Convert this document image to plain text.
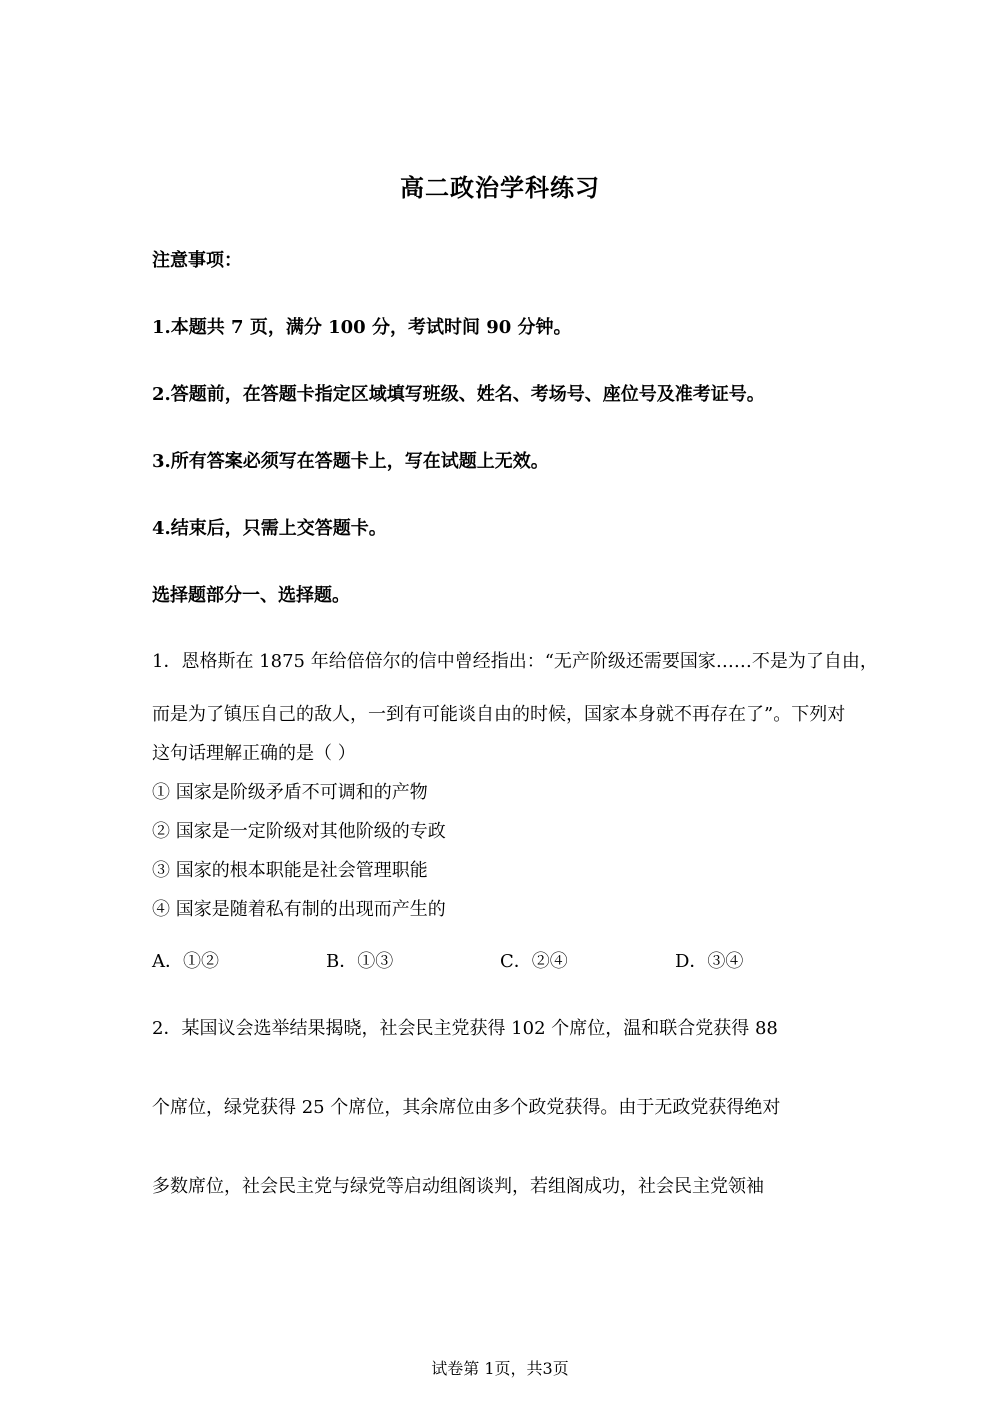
高二政治学科练习
注意事项：
1.本题共 7 页，满分 100 分，考试时间 90 分钟。
2.答题前，在答题卡指定区域填写班级、姓名、考场号、座位号及准考证号。
3.所有答案必须写在答题卡上，写在试题上无效。
4.结束后，只需上交答题卡。
选择题部分一、选择题。
1．恩格斯在 1875 年给倍倍尔的信中曾经指出：“无产阶级还需要国家……不是为了自由，
而是为了镇压自己的敌人，一到有可能谈自由的时候，国家本身就不再存在了”。下列对
这句话理解正确的是（ ）
① 国家是阶级矛盾不可调和的产物
② 国家是一定阶级对其他阶级的专政
③ 国家的根本职能是社会管理职能
④ 国家是随着私有制的出现而产生的
A．①②	B．①③	C．②④	D．③④
2．某国议会选举结果揭晓，社会民主党获得 102 个席位，温和联合党获得 88
个席位，绿党获得 25 个席位，其余席位由多个政党获得。由于无政党获得绝对
多数席位，社会民主党与绿党等启动组阁谈判，若组阁成功，社会民主党领袖
试卷第 1页，共3页
